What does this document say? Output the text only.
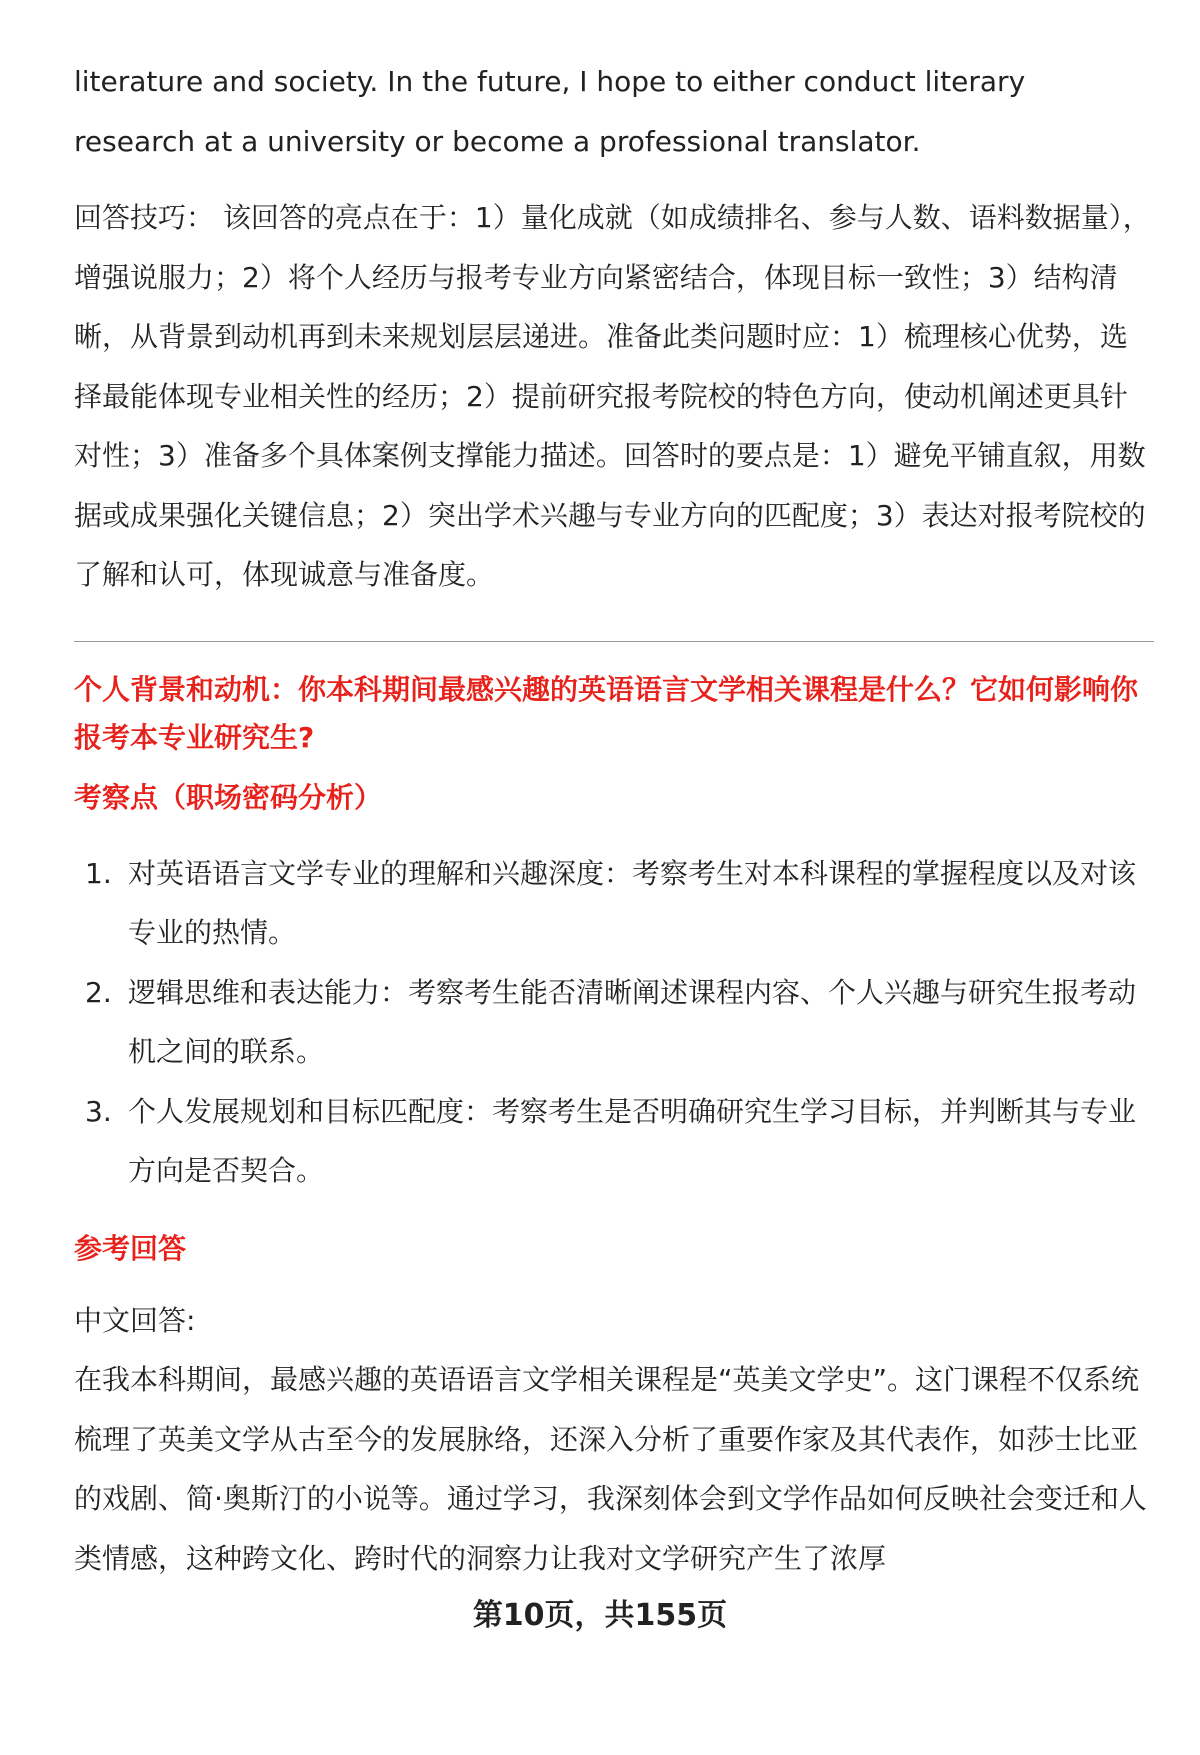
literature and society. In the future, I hope to either conduct literary
research at a university or become a professional translator.

回答技巧： 该回答的亮点在于：1）量化成就（如成绩排名、参与人数、语料数据量），增强说服力；2）将个人经历与报考专业方向紧密结合，体现目标一致性；3）结构清晰，从背景到动机再到未来规划层层递进。准备此类问题时应：1）梳理核心优势，选择最能体现专业相关性的经历；2）提前研究报考院校的特色方向，使动机阐述更具针对性；3）准备多个具体案例支撑能力描述。回答时的要点是：1）避免平铺直叙，用数据或成果强化关键信息；2）突出学术兴趣与专业方向的匹配度；3）表达对报考院校的了解和认可，体现诚意与准备度。

个人背景和动机：你本科期间最感兴趣的英语语言文学相关课程是什么？它如何影响你报考本专业研究生?

考察点（职场密码分析）

1. 对英语语言文学专业的理解和兴趣深度：考察考生对本科课程的掌握程度以及对该专业的热情。
2. 逻辑思维和表达能力：考察考生能否清晰阐述课程内容、个人兴趣与研究生报考动机之间的联系。
3. 个人发展规划和目标匹配度：考察考生是否明确研究生学习目标，并判断其与专业方向是否契合。

参考回答

中文回答:

在我本科期间，最感兴趣的英语语言文学相关课程是“英美文学史”。这门课程不仅系统梳理了英美文学从古至今的发展脉络，还深入分析了重要作家及其代表作，如莎士比亚的戏剧、简·奥斯汀的小说等。通过学习，我深刻体会到文学作品如何反映社会变迁和人类情感，这种跨文化、跨时代的洞察力让我对文学研究产生了浓厚

第10页，共155页
